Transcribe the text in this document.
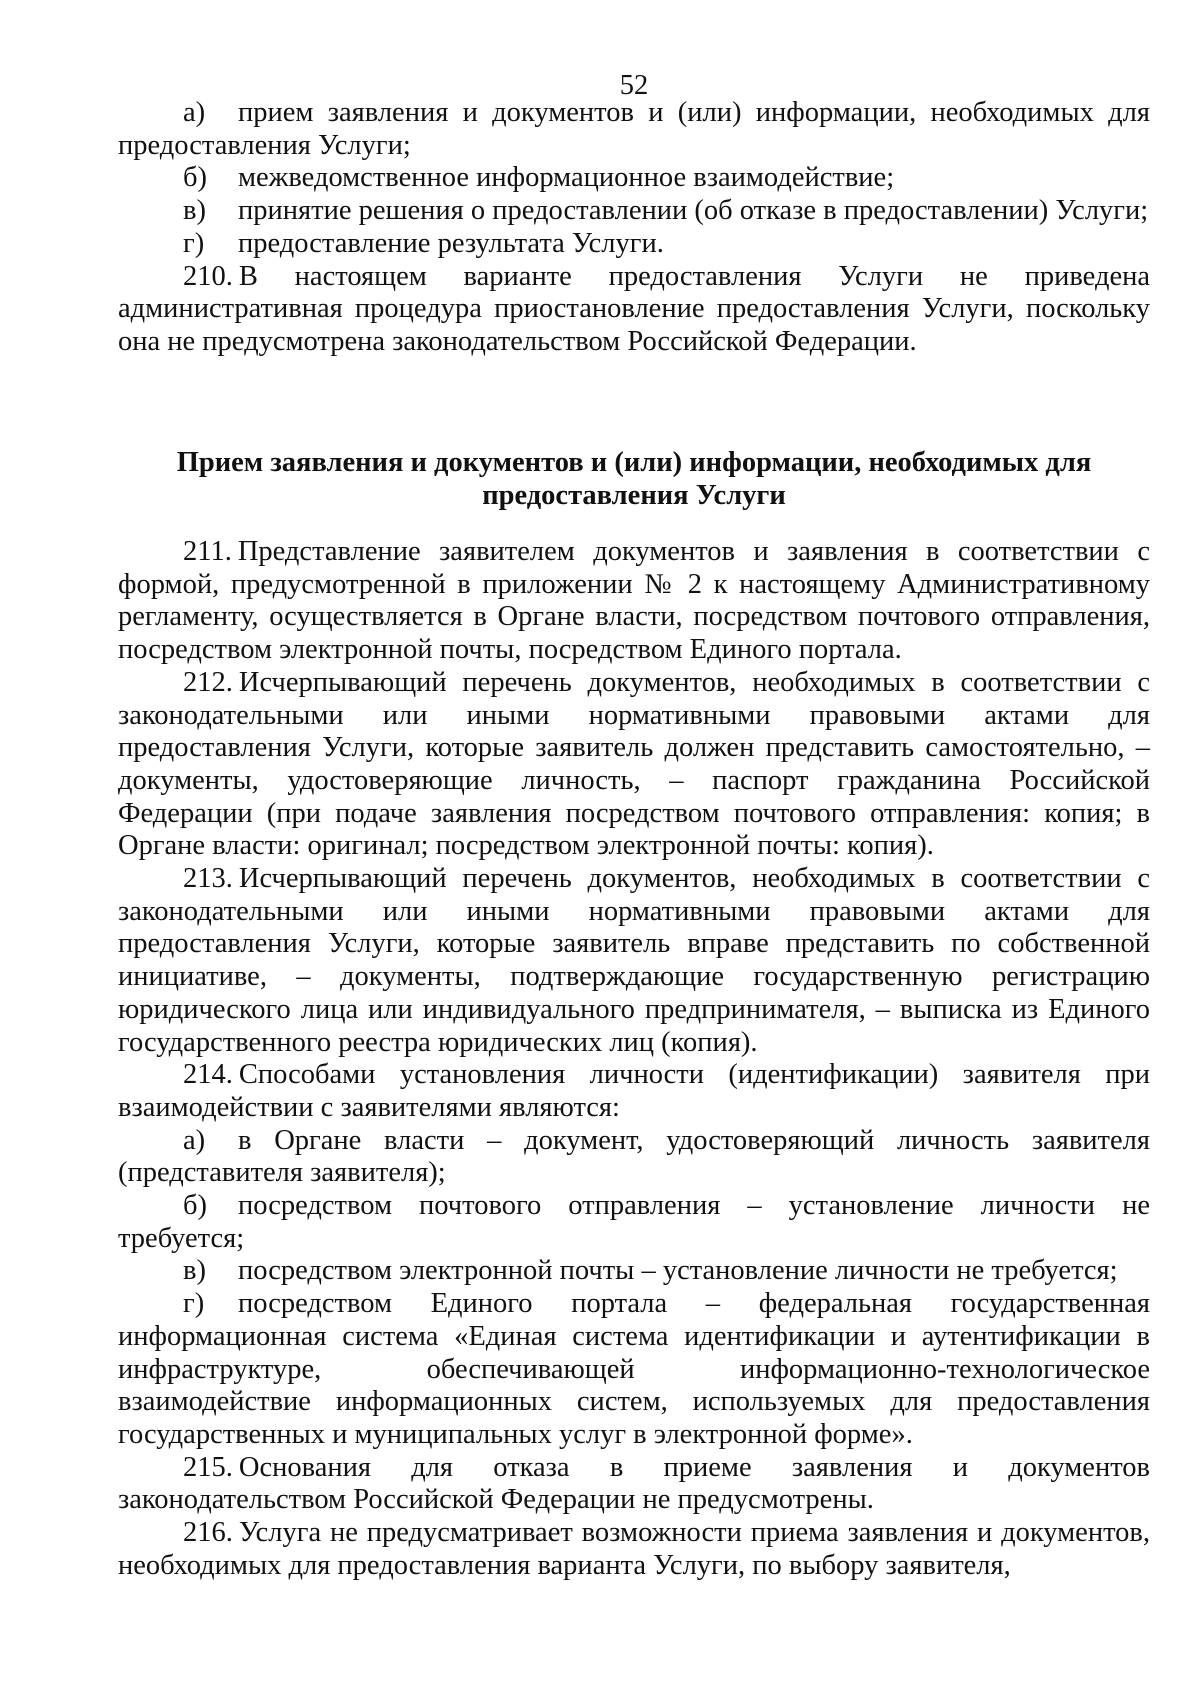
52

а) прием заявления и документов и (или) информации, необходимых для предоставления Услуги;

б) межведомственное информационное взаимодействие;

в) принятие решения о предоставлении (об отказе в предоставлении) Услуги;

г) предоставление результата Услуги.

210. В настоящем варианте предоставления Услуги не приведена административная процедура приостановление предоставления Услуги, поскольку она не предусмотрена законодательством Российской Федерации.

Прием заявления и документов и (или) информации, необходимых для предоставления Услуги

211. Представление заявителем документов и заявления в соответствии с формой, предусмотренной в приложении № 2 к настоящему Административному регламенту, осуществляется в Органе власти, посредством почтового отправления, посредством электронной почты, посредством Единого портала.

212. Исчерпывающий перечень документов, необходимых в соответствии с законодательными или иными нормативными правовыми актами для предоставления Услуги, которые заявитель должен представить самостоятельно, – документы, удостоверяющие личность, – паспорт гражданина Российской Федерации (при подаче заявления посредством почтового отправления: копия; в Органе власти: оригинал; посредством электронной почты: копия).

213. Исчерпывающий перечень документов, необходимых в соответствии с законодательными или иными нормативными правовыми актами для предоставления Услуги, которые заявитель вправе представить по собственной инициативе, – документы, подтверждающие государственную регистрацию юридического лица или индивидуального предпринимателя, – выписка из Единого государственного реестра юридических лиц (копия).

214. Способами установления личности (идентификации) заявителя при взаимодействии с заявителями являются:

а) в Органе власти – документ, удостоверяющий личность заявителя (представителя заявителя);

б) посредством почтового отправления – установление личности не требуется;

в) посредством электронной почты – установление личности не требуется;

г) посредством Единого портала – федеральная государственная информационная система «Единая система идентификации и аутентификации в инфраструктуре, обеспечивающей информационно-технологическое взаимодействие информационных систем, используемых для предоставления государственных и муниципальных услуг в электронной форме».

215. Основания для отказа в приеме заявления и документов законодательством Российской Федерации не предусмотрены.

216. Услуга не предусматривает возможности приема заявления и документов, необходимых для предоставления варианта Услуги, по выбору заявителя,
